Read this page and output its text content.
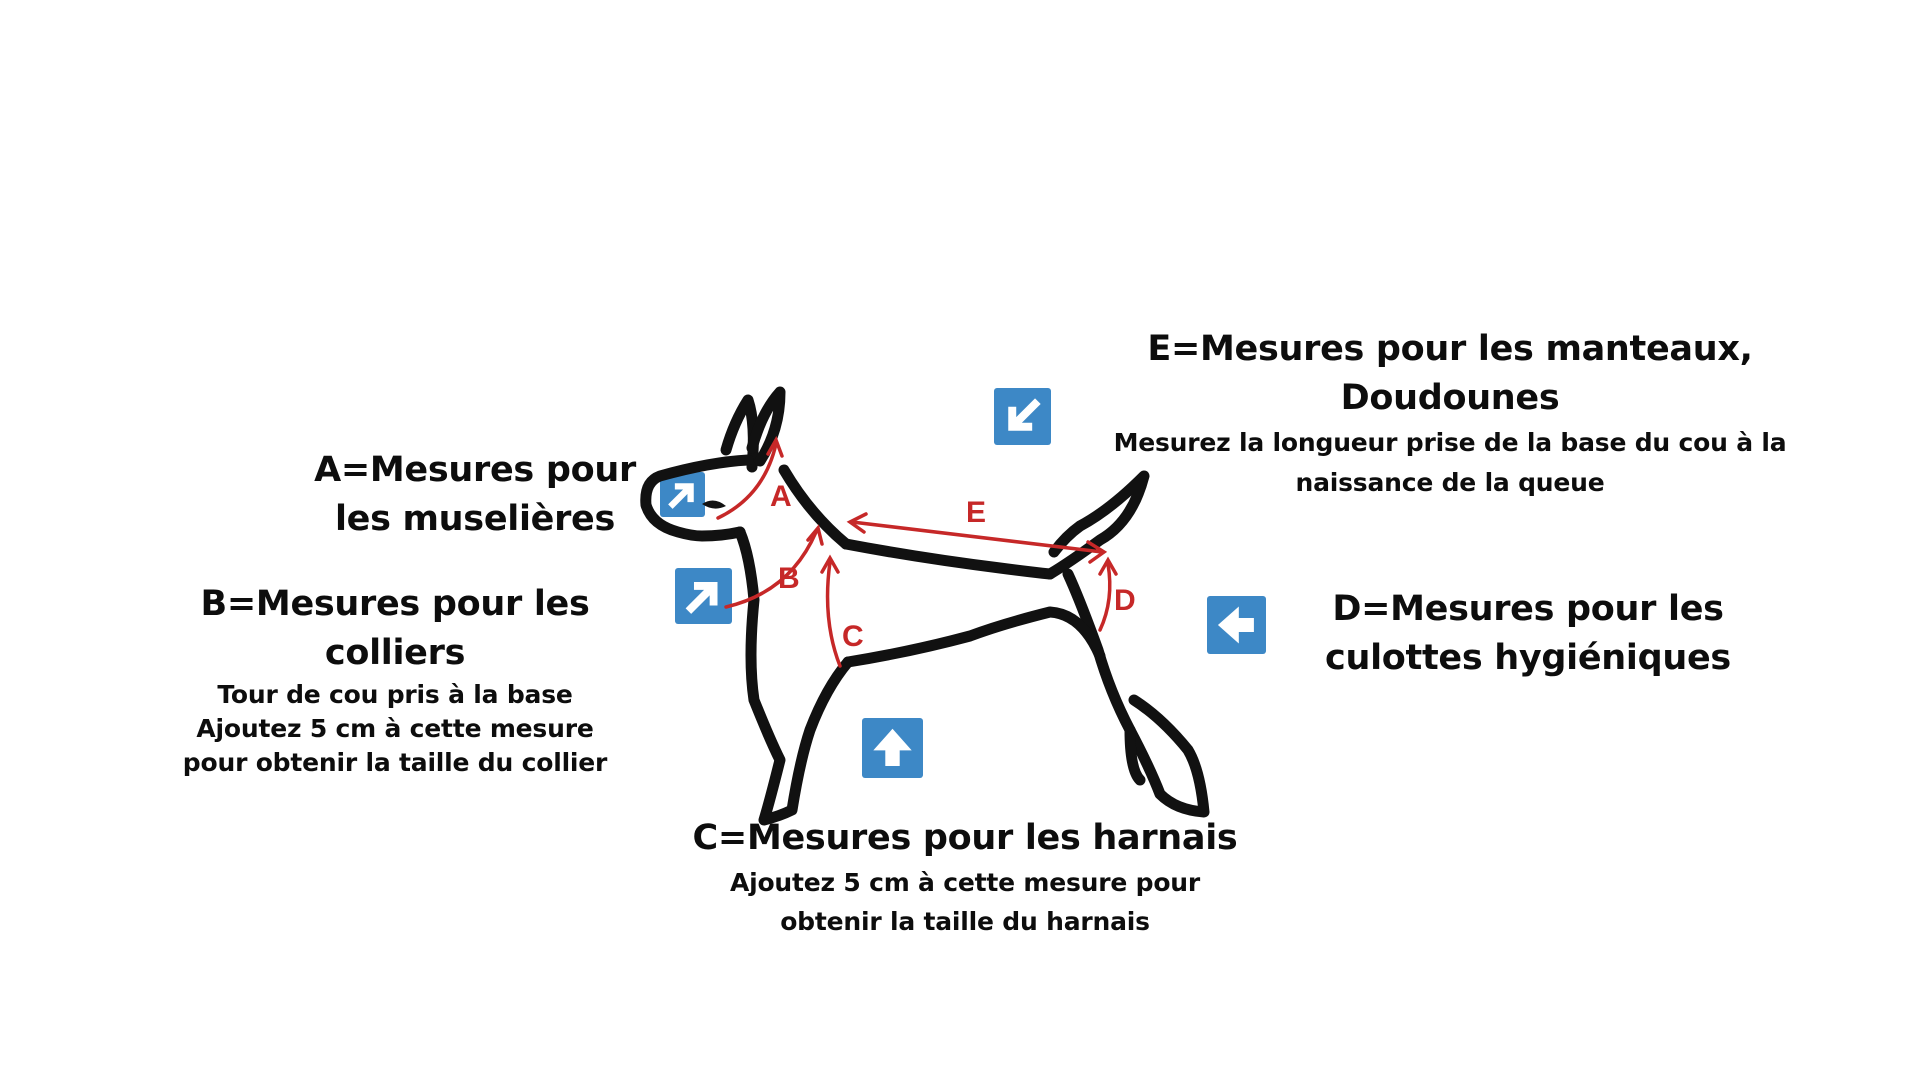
A=Mesures pour les muselières
B=Mesures pour les colliers
Tour de cou pris à la base
Ajoutez 5 cm à cette mesure pour obtenir la taille du collier
C=Mesures pour les harnais
Ajoutez 5 cm à cette mesure pour obtenir la taille du harnais
D=Mesures pour les culottes hygiéniques
E=Mesures pour les manteaux, Doudounes
Mesurez la longueur prise de la base du cou à la naissance de la queue
A
B
C
D
E
